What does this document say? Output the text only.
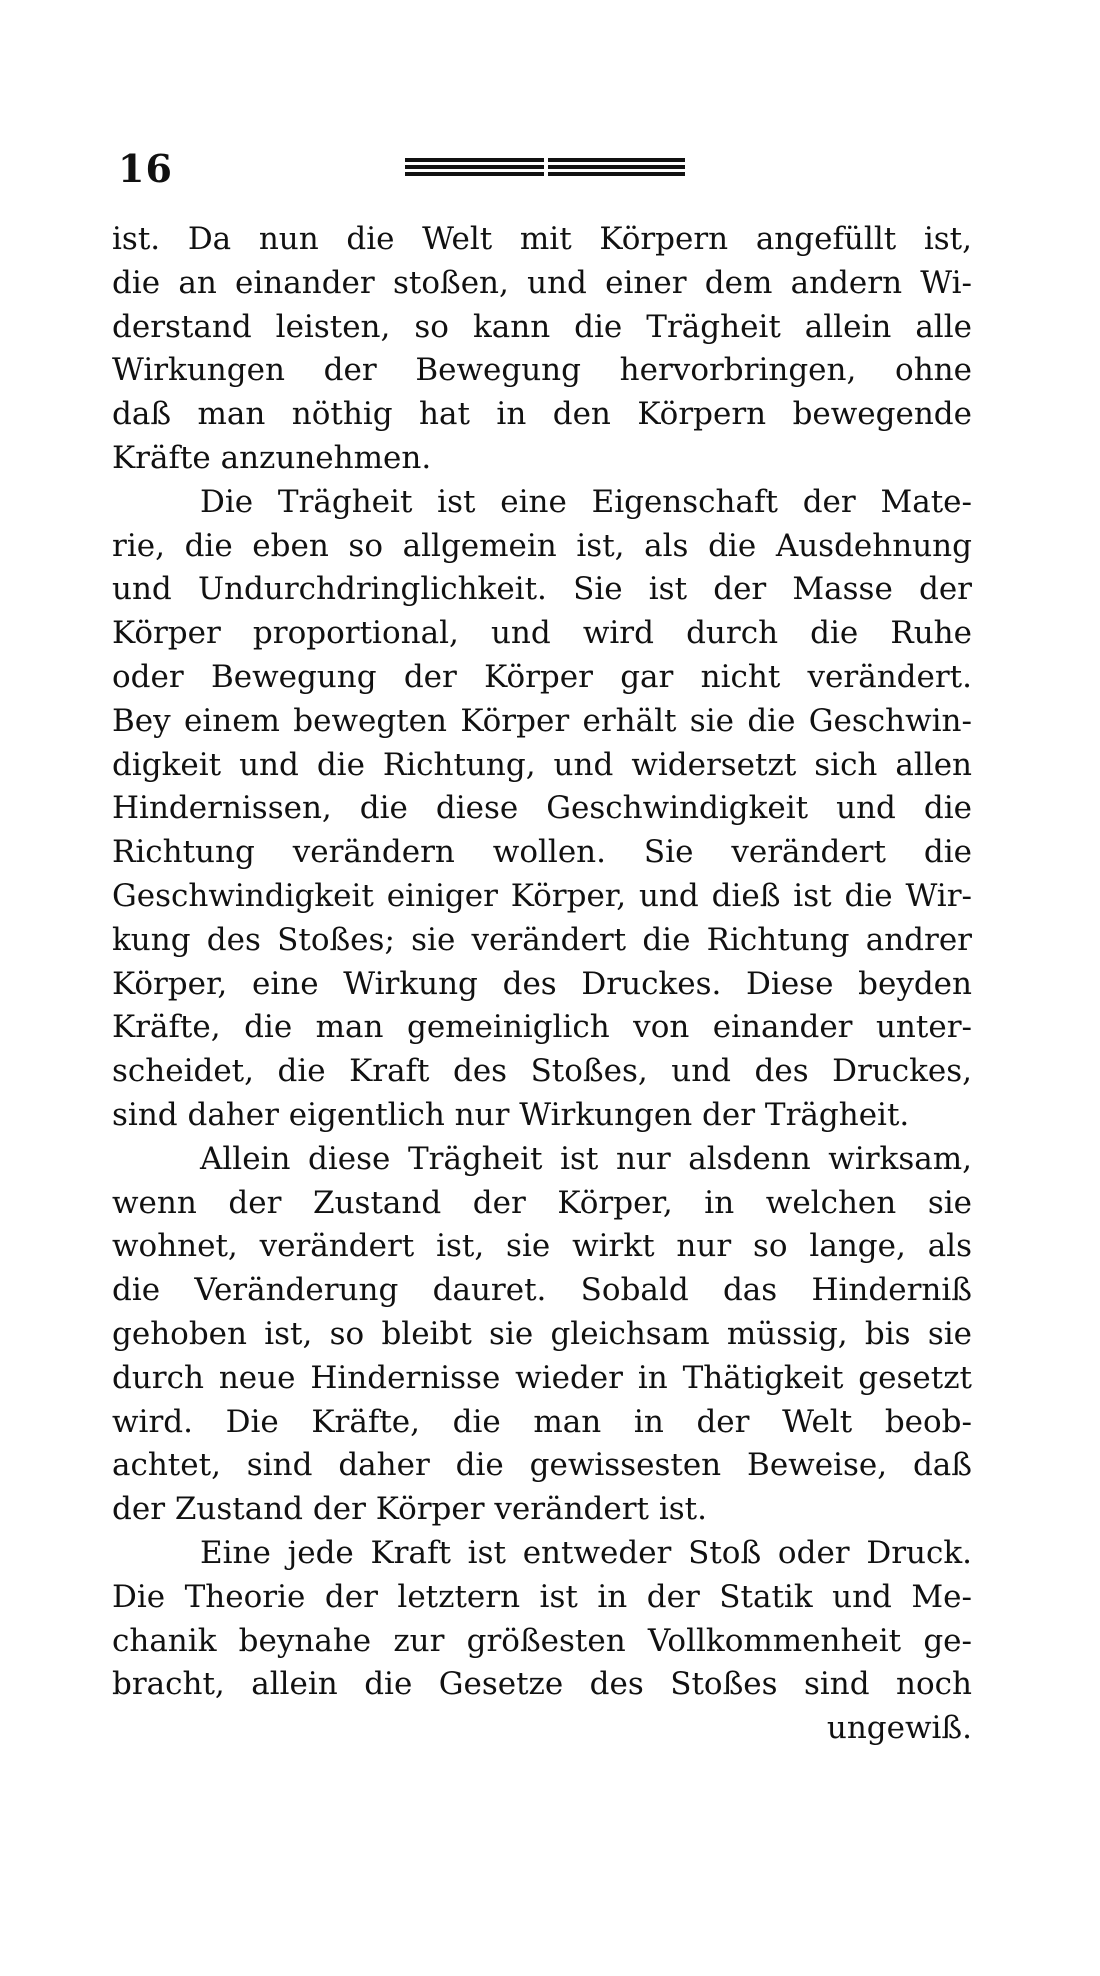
16
ist. Da nun die Welt mit Körpern angefüllt ist,
die an einander stoßen, und einer dem andern Wi-
derstand leisten, so kann die Trägheit allein alle
Wirkungen der Bewegung hervorbringen, ohne
daß man nöthig hat in den Körpern bewegende
Kräfte anzunehmen.
Die Trägheit ist eine Eigenschaft der Mate-
rie, die eben so allgemein ist, als die Ausdehnung
und Undurchdringlichkeit. Sie ist der Masse der
Körper proportional, und wird durch die Ruhe
oder Bewegung der Körper gar nicht verändert.
Bey einem bewegten Körper erhält sie die Geschwin-
digkeit und die Richtung, und widersetzt sich allen
Hindernissen, die diese Geschwindigkeit und die
Richtung verändern wollen. Sie verändert die
Geschwindigkeit einiger Körper, und dieß ist die Wir-
kung des Stoßes; sie verändert die Richtung andrer
Körper, eine Wirkung des Druckes. Diese beyden
Kräfte, die man gemeiniglich von einander unter-
scheidet, die Kraft des Stoßes, und des Druckes,
sind daher eigentlich nur Wirkungen der Trägheit.
Allein diese Trägheit ist nur alsdenn wirksam,
wenn der Zustand der Körper, in welchen sie
wohnet, verändert ist, sie wirkt nur so lange, als
die Veränderung dauret. Sobald das Hinderniß
gehoben ist, so bleibt sie gleichsam müssig, bis sie
durch neue Hindernisse wieder in Thätigkeit gesetzt
wird. Die Kräfte, die man in der Welt beob-
achtet, sind daher die gewissesten Beweise, daß
der Zustand der Körper verändert ist.
Eine jede Kraft ist entweder Stoß oder Druck.
Die Theorie der letztern ist in der Statik und Me-
chanik beynahe zur größesten Vollkommenheit ge-
bracht, allein die Gesetze des Stoßes sind noch
ungewiß.
